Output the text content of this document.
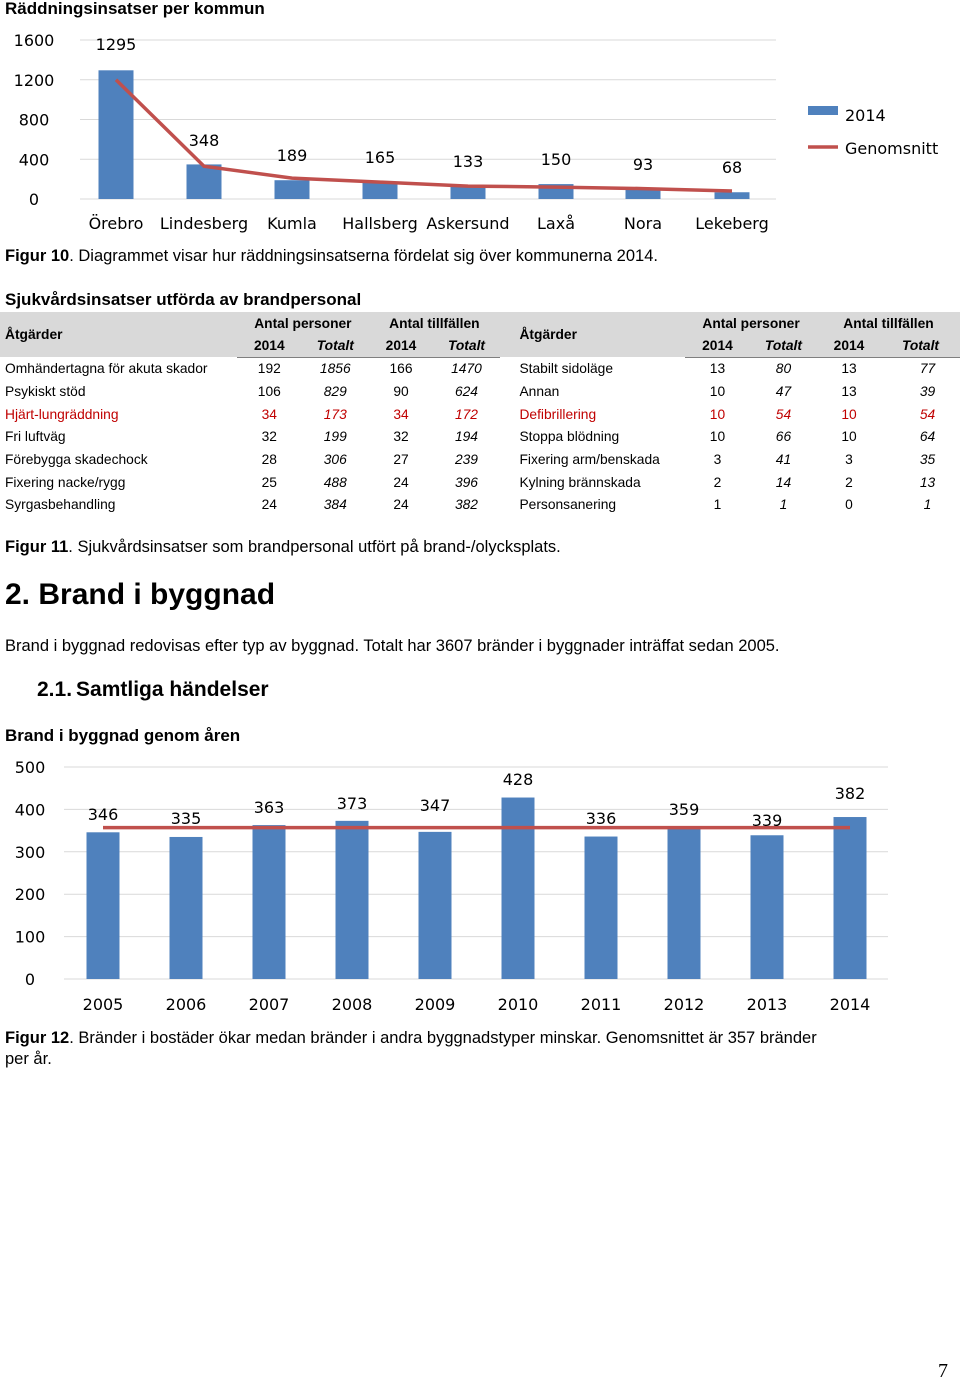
Räddningsinsatser per kommun
1600
1200
800
400
0
1295
348
189	165	133	150	93	68
Örebro Lindesberg Kumla Hallsberg Askersund Laxå	Nora Lekeberg
2014
Genomsnitt
Figur 10. Diagrammet visar hur räddningsinsatserna fördelat sig över kommunerna 2014.
Sjukvårdsinsatser utförda av brandpersonal
Åtgärder	Antal personer		Antal tillfällen			Åtgärder	Antal personer		Antal tillfällen	
	2014	Totalt	2014	Totalt			2014	Totalt	2014	Totalt
Omhändertagna för akuta skador	192	1856	166	1470		Stabilt sidoläge	13	80	13	77
Psykiskt stöd	106	829	90	624		Annan	10	47	13	39
Hjärt-lungräddning	34	173	34	172		Defibrillering	10	54	10	54
Fri luftväg	32	199	32	194		Stoppa blödning	10	66	10	64
Förebygga skadechock	28	306	27	239		Fixering arm/benskada	3	41	3	35
Fixering nacke/rygg	25	488	24	396		Kylning brännskada	2	14	2	13
Syrgasbehandling	24	384	24	382		Personsanering	1	1	0	1
Figur 11. Sjukvårdsinsatser som brandpersonal utfört på brand-/olycksplats.
2. Brand i byggnad
Brand i byggnad redovisas efter typ av byggnad. Totalt har 3607 bränder i byggnader inträffat sedan 2005.
2.1. Samtliga händelser
Brand i byggnad genom åren
500
400
300
200
100
0
346	335
363	373	347
428
336	359
339
382
2005	2006	2007	2008	2009	2010	2011	2012	2013	2014
Figur 12. Bränder i bostäder ökar medan bränder i andra byggnadstyper minskar. Genomsnittet är 357 bränder
per år.
7
